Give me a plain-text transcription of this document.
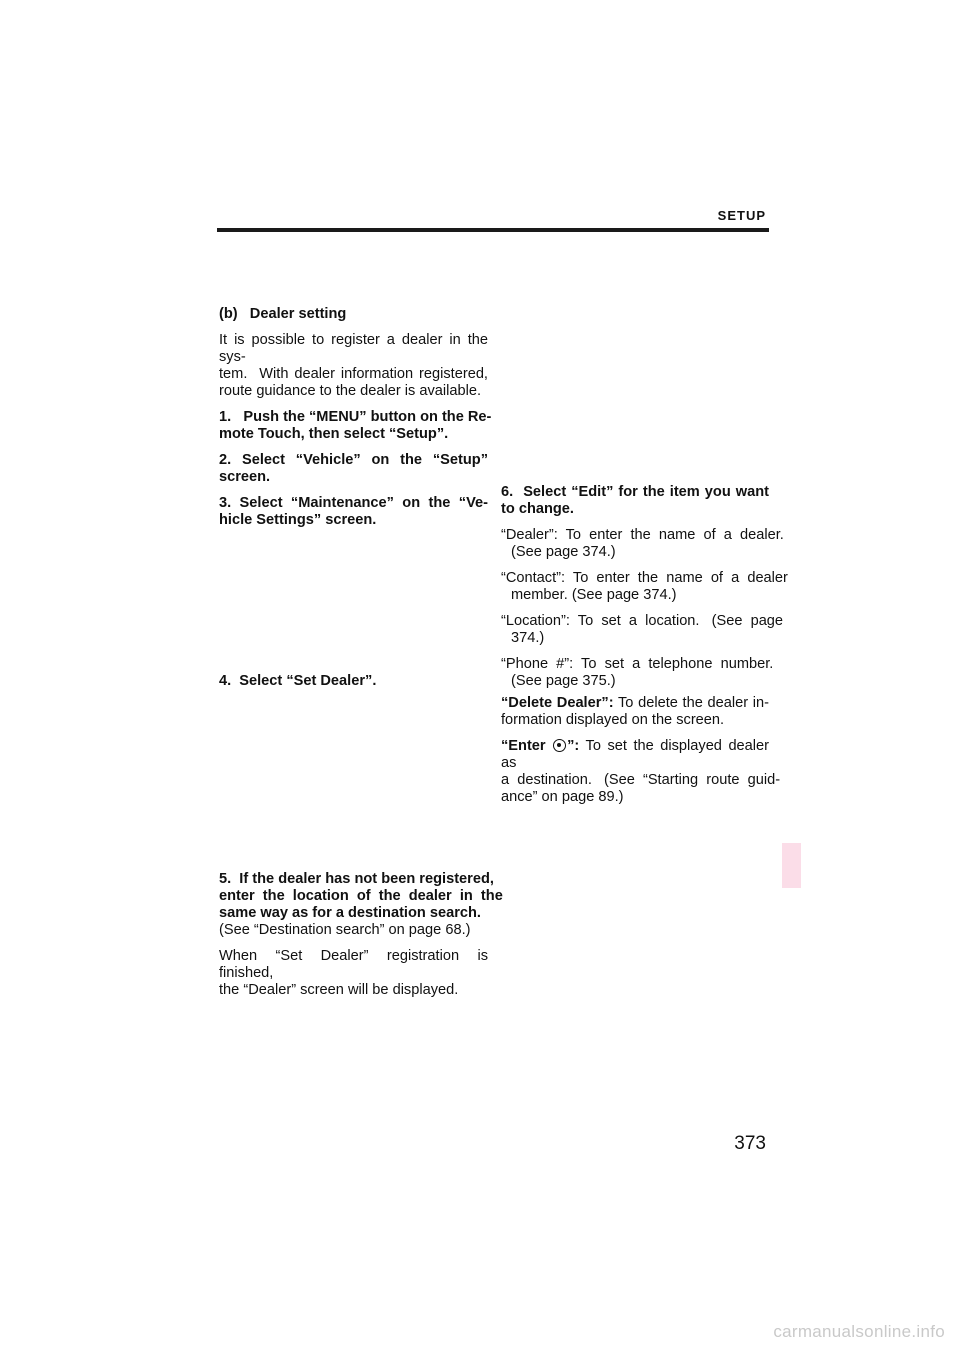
SETUP

(b)   Dealer setting

It is possible to register a dealer in the sys-

tem.  With dealer information registered,

route guidance to the dealer is available.

1.   Push the “MENU” button on the Re-

mote Touch, then select “Setup”.

2.  Select  “Vehicle”  on  the  “Setup”

screen.

3.  Select  “Maintenance”  on  the  “Ve-

hicle Settings” screen.

4.  Select “Set Dealer”.

5.  If the dealer has not been registered,

enter  the  location  of  the  dealer  in  the

same way as for a destination search.

(See “Destination search” on page 68.)

When “Set Dealer” registration is finished,

the “Dealer” screen will be displayed.

6.  Select “Edit” for the item you want

to change.

“Dealer”:  To  enter  the  name  of  a  dealer.

(See page 374.)

“Contact”:  To  enter  the  name  of  a  dealer

member. (See page 374.)

“Location”:  To  set  a  location.   (See  page

374.)

“Phone  #”:  To  set  a  telephone  number.

(See page 375.)

“Delete Dealer”: To delete the dealer in-

formation displayed on the screen.

“Enter ”: To set the displayed dealer as

a  destination.   (See  “Starting  route  guid-

ance” on page 89.)

373
carmanualsonline.info
